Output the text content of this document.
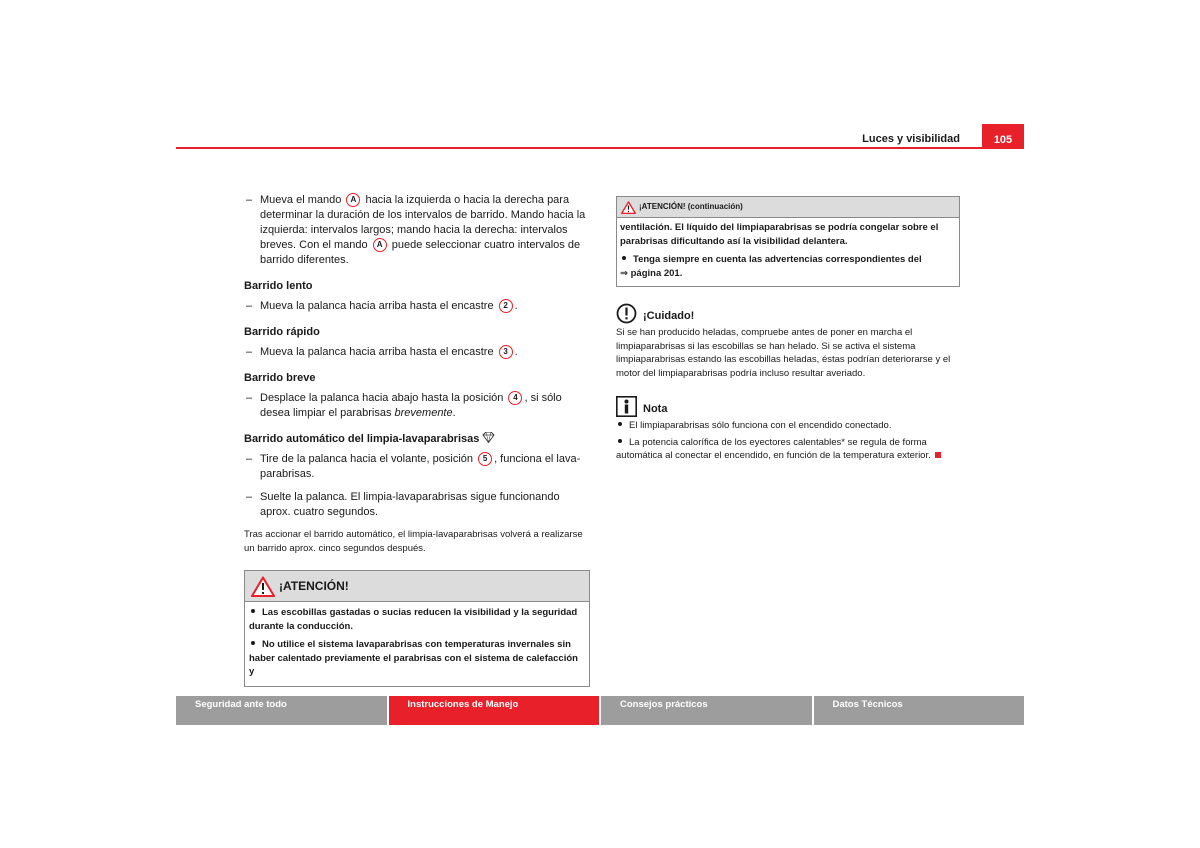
Luces y visibilidad	105
– Mueva el mando A hacia la izquierda o hacia la derecha para determinar la duración de los intervalos de barrido. Mando hacia la izquierda: intervalos largos; mando hacia la derecha: intervalos breves. Con el mando A puede seleccionar cuatro intervalos de barrido diferentes.
Barrido lento
– Mueva la palanca hacia arriba hasta el encastre 2 .
Barrido rápido
– Mueva la palanca hacia arriba hasta el encastre 3 .
Barrido breve
– Desplace la palanca hacia abajo hasta la posición 4 , si sólo desea limpiar el parabrisas brevemente.
Barrido automático del limpia-lavaparabrisas
– Tire de la palanca hacia el volante, posición 5 , funciona el lava-parabrisas.
– Suelte la palanca. El limpia-lavaparabrisas sigue funcionando aprox. cuatro segundos.
Tras accionar el barrido automático, el limpia-lavaparabrisas volverá a realizarse un barrido aprox. cinco segundos después.
¡ATENCIÓN!

Las escobillas gastadas o sucias reducen la visibilidad y la seguridad durante la conducción.

No utilice el sistema lavaparabrisas con temperaturas invernales sin haber calentado previamente el parabrisas con el sistema de calefacción y

¡ATENCIÓN! (continuación)

ventilación. El líquido del limpiaparabrisas se podría congelar sobre el parabrisas dificultando así la visibilidad delantera.

Tenga siempre en cuenta las advertencias correspondientes del
⇒ página 201.

¡Cuidado!
Si se han producido heladas, compruebe antes de poner en marcha el limpiaparabrisas si las escobillas se han helado. Si se activa el sistema limpiaparabrisas estando las escobillas heladas, éstas podrían deteriorarse y el motor del limpiaparabrisas podría incluso resultar averiado.
Nota

El limpiaparabrisas sólo funciona con el encendido conectado.

La potencia calorífica de los eyectores calentables* se regula de forma automática al conectar el encendido, en función de la temperatura exterior.

Seguridad ante todo	Instrucciones de Manejo	Consejos prácticos	Datos Técnicos
